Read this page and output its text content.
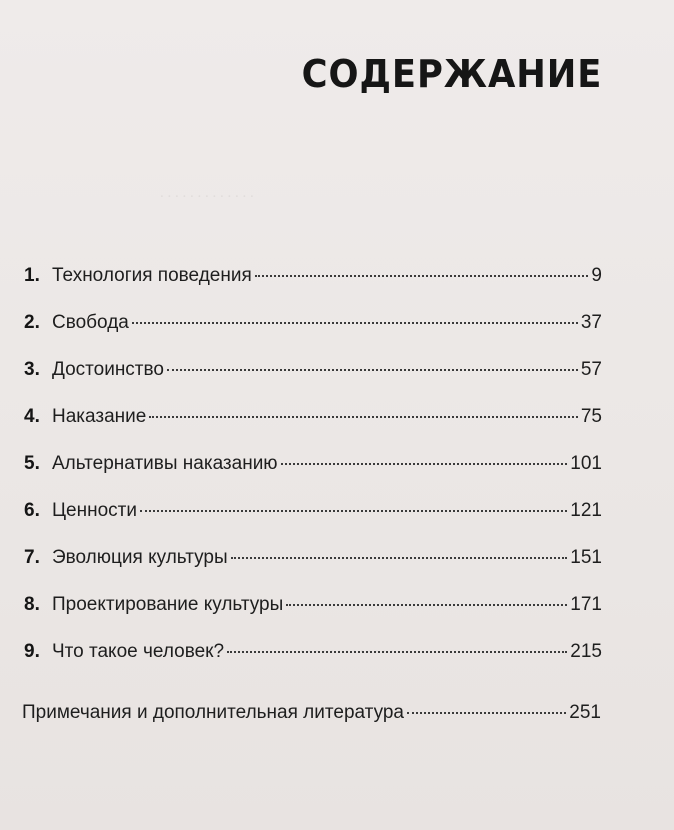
. . . . . . . . . . . . .
. . . . . . . . . . . . .
СОДЕРЖАНИЕ
1. Технология поведения	9
2. Свобода	37
3. Достоинство	57
4. Наказание	75
5. Альтернативы наказанию	101
6. Ценности	121
7. Эволюция культуры	151
8. Проектирование культуры	171
9. Что такое человек?	215
Примечания и дополнительная литература	251
